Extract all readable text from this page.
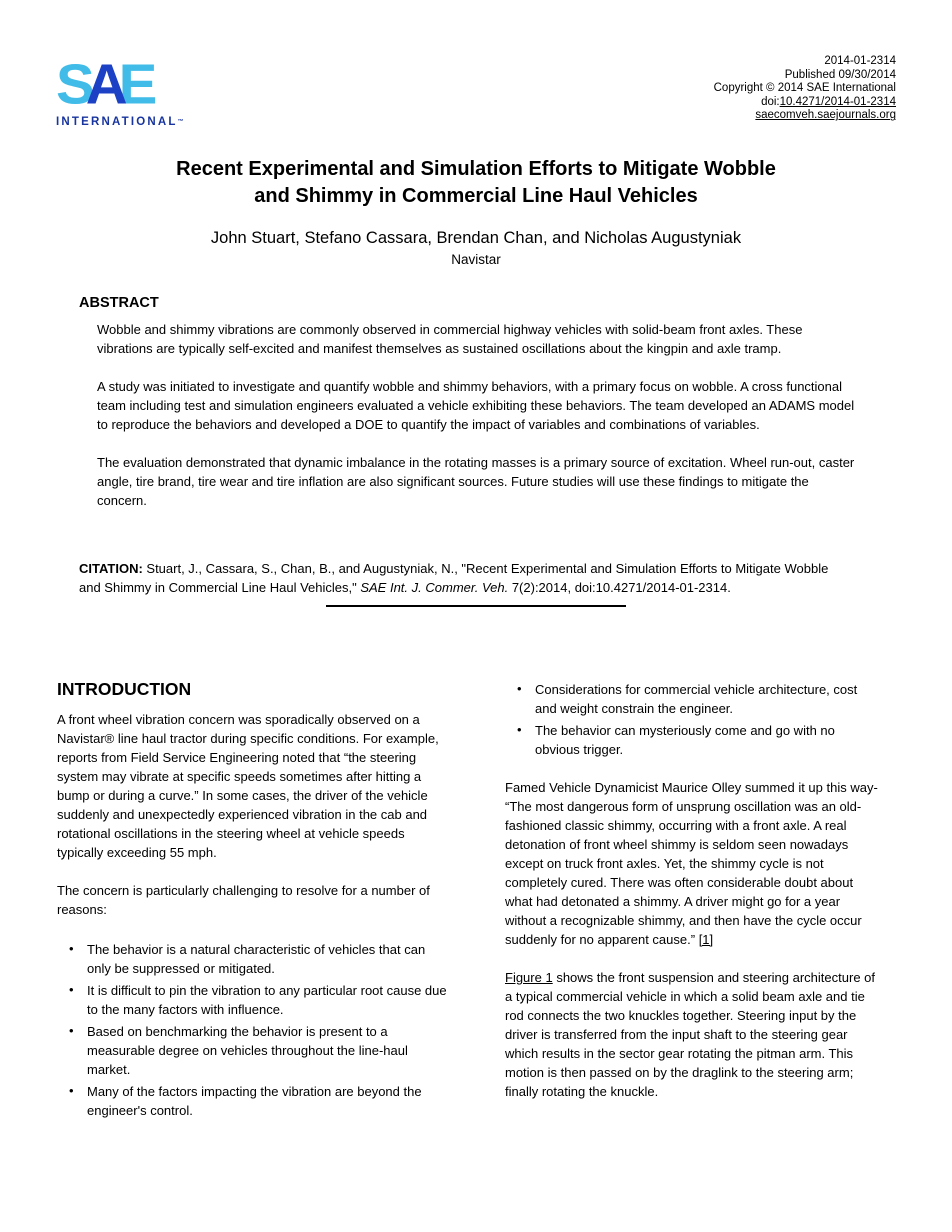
S A E
INTERNATIONAL™
2014-01-2314
Published 09/30/2014
Copyright © 2014 SAE International
doi:10.4271/2014-01-2314
saecomveh.saejournals.org
Recent Experimental and Simulation Efforts to Mitigate Wobble
and Shimmy in Commercial Line Haul Vehicles
John Stuart, Stefano Cassara, Brendan Chan, and Nicholas Augustyniak
Navistar
ABSTRACT

Wobble and shimmy vibrations are commonly observed in commercial highway vehicles with solid-beam front axles. These vibrations are typically self-excited and manifest themselves as sustained oscillations about the kingpin and axle tramp.

A study was initiated to investigate and quantify wobble and shimmy behaviors, with a primary focus on wobble. A cross functional team including test and simulation engineers evaluated a vehicle exhibiting these behaviors. The team developed an ADAMS model to reproduce the behaviors and developed a DOE to quantify the impact of variables and combinations of variables.

The evaluation demonstrated that dynamic imbalance in the rotating masses is a primary source of excitation. Wheel run-out, caster angle, tire brand, tire wear and tire inflation are also significant sources. Future studies will use these findings to mitigate the concern.

CITATION: Stuart, J., Cassara, S., Chan, B., and Augustyniak, N., "Recent Experimental and Simulation Efforts to Mitigate Wobble and Shimmy in Commercial Line Haul Vehicles," SAE Int. J. Commer. Veh. 7(2):2014, doi:10.4271/2014-01-2314.
INTRODUCTION

A front wheel vibration concern was sporadically observed on a Navistar® line haul tractor during specific conditions. For example, reports from Field Service Engineering noted that “the steering system may vibrate at specific speeds sometimes after hitting a bump or during a curve.” In some cases, the driver of the vehicle suddenly and unexpectedly experienced vibration in the cab and rotational oscillations in the steering wheel at vehicle speeds typically exceeding 55 mph.

The concern is particularly challenging to resolve for a number of reasons:

• The behavior is a natural characteristic of vehicles that can only be suppressed or mitigated.
• It is difficult to pin the vibration to any particular root cause due to the many factors with influence.
• Based on benchmarking the behavior is present to a measurable degree on vehicles throughout the line-haul market.
• Many of the factors impacting the vibration are beyond the engineer's control.
• Considerations for commercial vehicle architecture, cost and weight constrain the engineer.
• The behavior can mysteriously come and go with no obvious trigger.

Famed Vehicle Dynamicist Maurice Olley summed it up this way- “The most dangerous form of unsprung oscillation was an old-fashioned classic shimmy, occurring with a front axle. A real detonation of front wheel shimmy is seldom seen nowadays except on truck front axles. Yet, the shimmy cycle is not completely cured. There was often considerable doubt about what had detonated a shimmy. A driver might go for a year without a recognizable shimmy, and then have the cycle occur suddenly for no apparent cause.” [1]

Figure 1 shows the front suspension and steering architecture of a typical commercial vehicle in which a solid beam axle and tie rod connects the two knuckles together. Steering input by the driver is transferred from the input shaft to the steering gear which results in the sector gear rotating the pitman arm. This motion is then passed on by the draglink to the steering arm; finally rotating the knuckle.
